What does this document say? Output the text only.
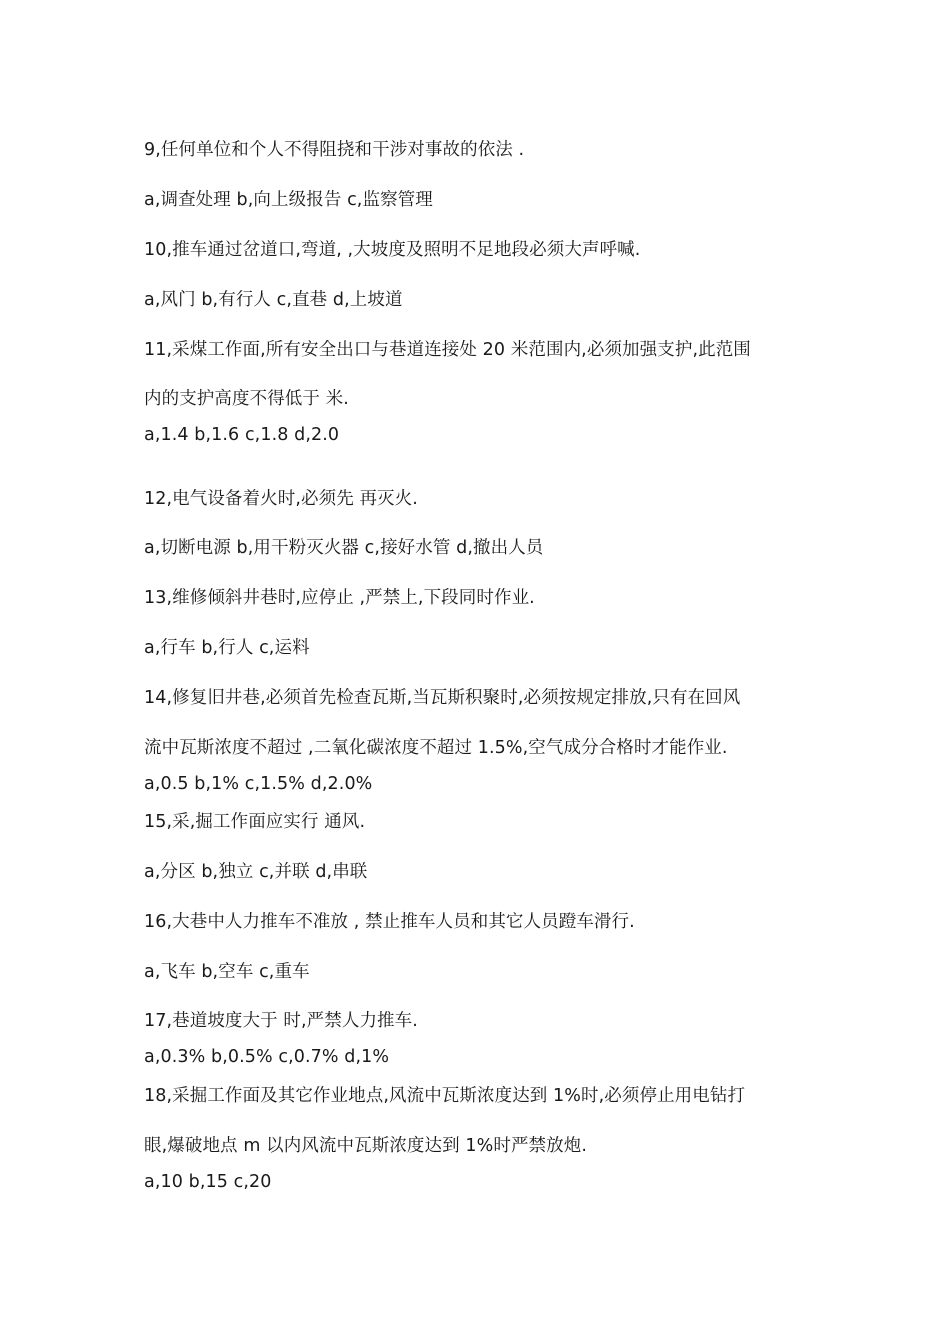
9,任何单位和个人不得阻挠和干涉对事故的依法 .
a,调查处理 b,向上级报告 c,监察管理
10,推车通过岔道口,弯道, ,大坡度及照明不足地段必须大声呼喊.
a,风门 b,有行人 c,直巷 d,上坡道
11,采煤工作面,所有安全出口与巷道连接处 20 米范围内,必须加强支护,此范围
内的支护高度不得低于 米.
a,1.4 b,1.6 c,1.8 d,2.0
12,电气设备着火时,必须先 再灭火.
a,切断电源 b,用干粉灭火器 c,接好水管 d,撤出人员
13,维修倾斜井巷时,应停止 ,严禁上,下段同时作业.
a,行车 b,行人 c,运料
14,修复旧井巷,必须首先检查瓦斯,当瓦斯积聚时,必须按规定排放,只有在回风
流中瓦斯浓度不超过 ,二氧化碳浓度不超过 1.5%,空气成分合格时才能作业.
a,0.5 b,1% c,1.5% d,2.0%
15,采,掘工作面应实行 通风.
a,分区 b,独立 c,并联 d,串联
16,大巷中人力推车不准放 , 禁止推车人员和其它人员蹬车滑行.
a,飞车 b,空车 c,重车
17,巷道坡度大于 时,严禁人力推车.
a,0.3% b,0.5% c,0.7% d,1%
18,采掘工作面及其它作业地点,风流中瓦斯浓度达到 1%时,必须停止用电钻打
眼,爆破地点 m 以内风流中瓦斯浓度达到 1%时严禁放炮.
a,10 b,15 c,20
